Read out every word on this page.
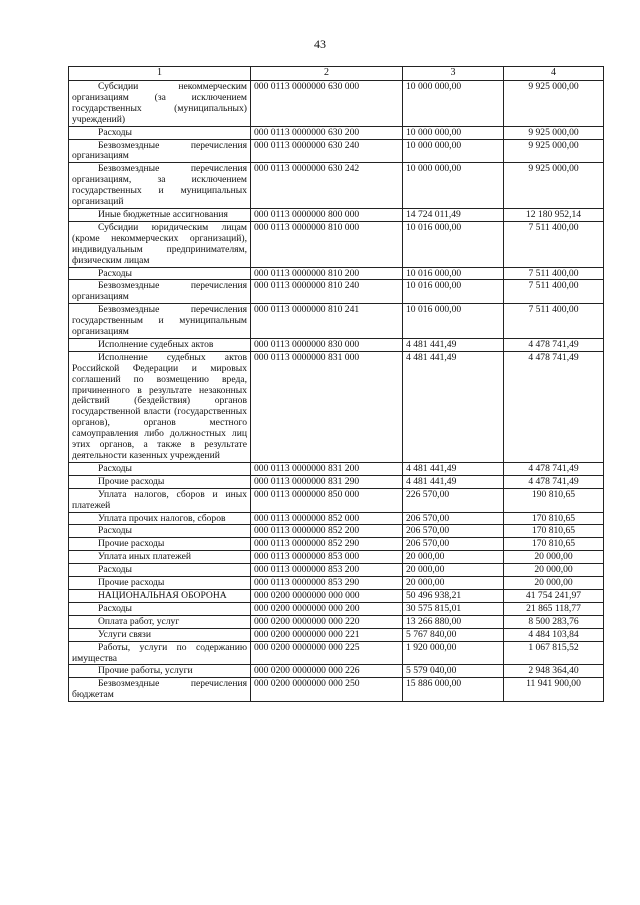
43
1	2	3	4
Субсидии некоммерческим организациям (за исключением государственных (муниципальных) учреждений)	000 0113 0000000 630 000	10 000 000,00	9 925 000,00
Расходы	000 0113 0000000 630 200	10 000 000,00	9 925 000,00
Безвозмездные перечисления организациям	000 0113 0000000 630 240	10 000 000,00	9 925 000,00
Безвозмездные перечисления организациям, за исключением государственных и муниципальных организаций	000 0113 0000000 630 242	10 000 000,00	9 925 000,00
Иные бюджетные ассигнования	000 0113 0000000 800 000	14 724 011,49	12 180 952,14
Субсидии юридическим лицам (кроме некоммерческих организаций), индивидуальным предпринимателям, физическим лицам	000 0113 0000000 810 000	10 016 000,00	7 511 400,00
Расходы	000 0113 0000000 810 200	10 016 000,00	7 511 400,00
Безвозмездные перечисления организациям	000 0113 0000000 810 240	10 016 000,00	7 511 400,00
Безвозмездные перечисления государственным и муниципальным организациям	000 0113 0000000 810 241	10 016 000,00	7 511 400,00
Исполнение судебных актов	000 0113 0000000 830 000	4 481 441,49	4 478 741,49
Исполнение судебных актов Российской Федерации и мировых соглашений по возмещению вреда, причиненного в результате незаконных действий (бездействия) органов государственной власти (государственных органов), органов местного самоуправления либо должностных лиц этих органов, а также в результате деятельности казенных учреждений	000 0113 0000000 831 000	4 481 441,49	4 478 741,49
Расходы	000 0113 0000000 831 200	4 481 441,49	4 478 741,49
Прочие расходы	000 0113 0000000 831 290	4 481 441,49	4 478 741,49
Уплата налогов, сборов и иных платежей	000 0113 0000000 850 000	226 570,00	190 810,65
Уплата прочих налогов, сборов	000 0113 0000000 852 000	206 570,00	170 810,65
Расходы	000 0113 0000000 852 200	206 570,00	170 810,65
Прочие расходы	000 0113 0000000 852 290	206 570,00	170 810,65
Уплата иных платежей	000 0113 0000000 853 000	20 000,00	20 000,00
Расходы	000 0113 0000000 853 200	20 000,00	20 000,00
Прочие расходы	000 0113 0000000 853 290	20 000,00	20 000,00
НАЦИОНАЛЬНАЯ ОБОРОНА	000 0200 0000000 000 000	50 496 938,21	41 754 241,97
Расходы	000 0200 0000000 000 200	30 575 815,01	21 865 118,77
Оплата работ, услуг	000 0200 0000000 000 220	13 266 880,00	8 500 283,76
Услуги связи	000 0200 0000000 000 221	5 767 840,00	4 484 103,84
Работы, услуги по содержанию имущества	000 0200 0000000 000 225	1 920 000,00	1 067 815,52
Прочие работы, услуги	000 0200 0000000 000 226	5 579 040,00	2 948 364,40
Безвозмездные перечисления бюджетам	000 0200 0000000 000 250	15 886 000,00	11 941 900,00
